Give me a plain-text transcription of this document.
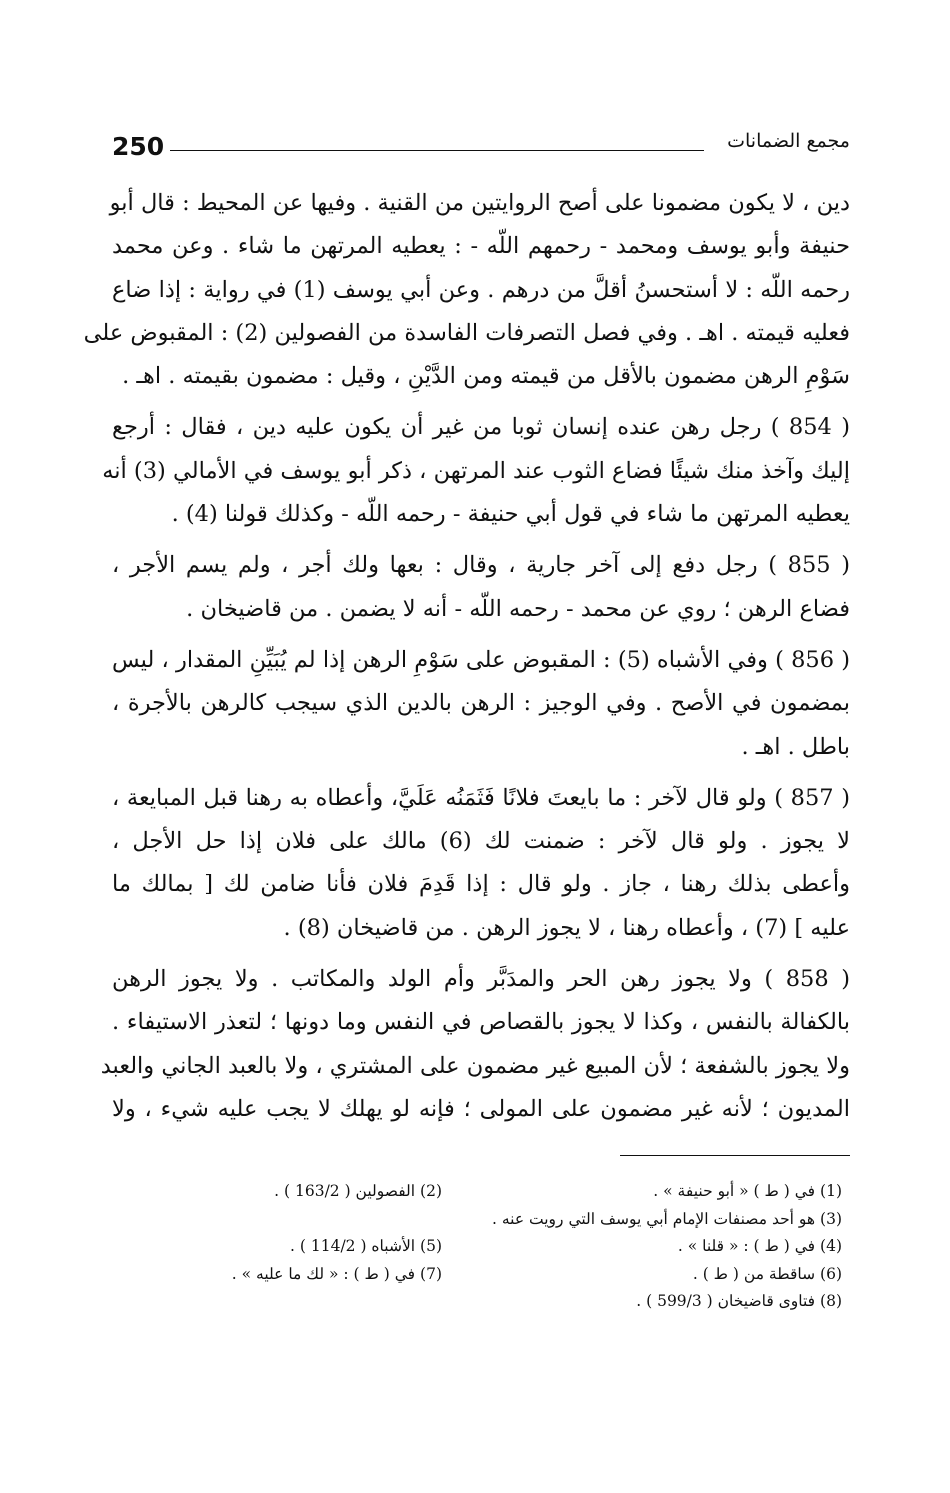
250	مجمع الضمانات
دين ، لا يكون مضمونا على أصح الروايتين من القنية . وفيها عن المحيط : قال أبو
حنيفة وأبو يوسف ومحمد - رحمهم اللّه - : يعطيه المرتهن ما شاء . وعن محمد
رحمه اللّه : لا أستحسنُ أقلَّ من درهم . وعن أبي يوسف (1) في رواية : إذا ضاع
فعليه قيمته . اهـ . وفي فصل التصرفات الفاسدة من الفصولين (2) : المقبوض على
سَوْمِ الرهن مضمون بالأقل من قيمته ومن الدَّيْنِ ، وقيل : مضمون بقيمته . اهـ .
( 854 ) رجل رهن عنده إنسان ثوبا من غير أن يكون عليه دين ، فقال : أرجع
إليك وآخذ منك شيئًا فضاع الثوب عند المرتهن ، ذكر أبو يوسف في الأمالي (3) أنه
يعطيه المرتهن ما شاء في قول أبي حنيفة - رحمه اللّه - وكذلك قولنا (4) .
( 855 ) رجل دفع إلى آخر جارية ، وقال : بعها ولك أجر ، ولم يسم الأجر ،
فضاع الرهن ؛ روي عن محمد - رحمه اللّه - أنه لا يضمن . من قاضيخان .
( 856 ) وفي الأشباه (5) : المقبوض على سَوْمِ الرهن إذا لم يُبَيِّنِ المقدار ، ليس
بمضمون في الأصح . وفي الوجيز : الرهن بالدين الذي سيجب كالرهن بالأجرة ،
باطل . اهـ .
( 857 ) ولو قال لآخر : ما بايعتَ فلانًا فَثَمَنُه عَلَيَّ، وأعطاه به رهنا قبل المبايعة ،
لا يجوز . ولو قال لآخر : ضمنت لك (6) مالك على فلان إذا حل الأجل ،
وأعطى بذلك رهنا ، جاز . ولو قال : إذا قَدِمَ فلان فأنا ضامن لك [ بمالك ما
عليه ] (7) ، وأعطاه رهنا ، لا يجوز الرهن . من قاضيخان (8) .
( 858 ) ولا يجوز رهن الحر والمدَبَّر وأم الولد والمكاتب . ولا يجوز الرهن
بالكفالة بالنفس ، وكذا لا يجوز بالقصاص في النفس وما دونها ؛ لتعذر الاستيفاء .
ولا يجوز بالشفعة ؛ لأن المبيع غير مضمون على المشتري ، ولا بالعبد الجاني والعبد
المديون ؛ لأنه غير مضمون على المولى ؛ فإنه لو يهلك لا يجب عليه شيء ، ولا
(1) في ( ط ) « أبو حنيفة » .
(2) الفصولين ( 163/2 ) .
(3) هو أحد مصنفات الإمام أبي يوسف التي رويت عنه .
(4) في ( ط ) : « قلنا » .
(5) الأشباه ( 114/2 ) .
(6) ساقطة من ( ط ) .
(7) في ( ط ) : « لك ما عليه » .
(8) فتاوى قاضيخان ( 599/3 ) .
